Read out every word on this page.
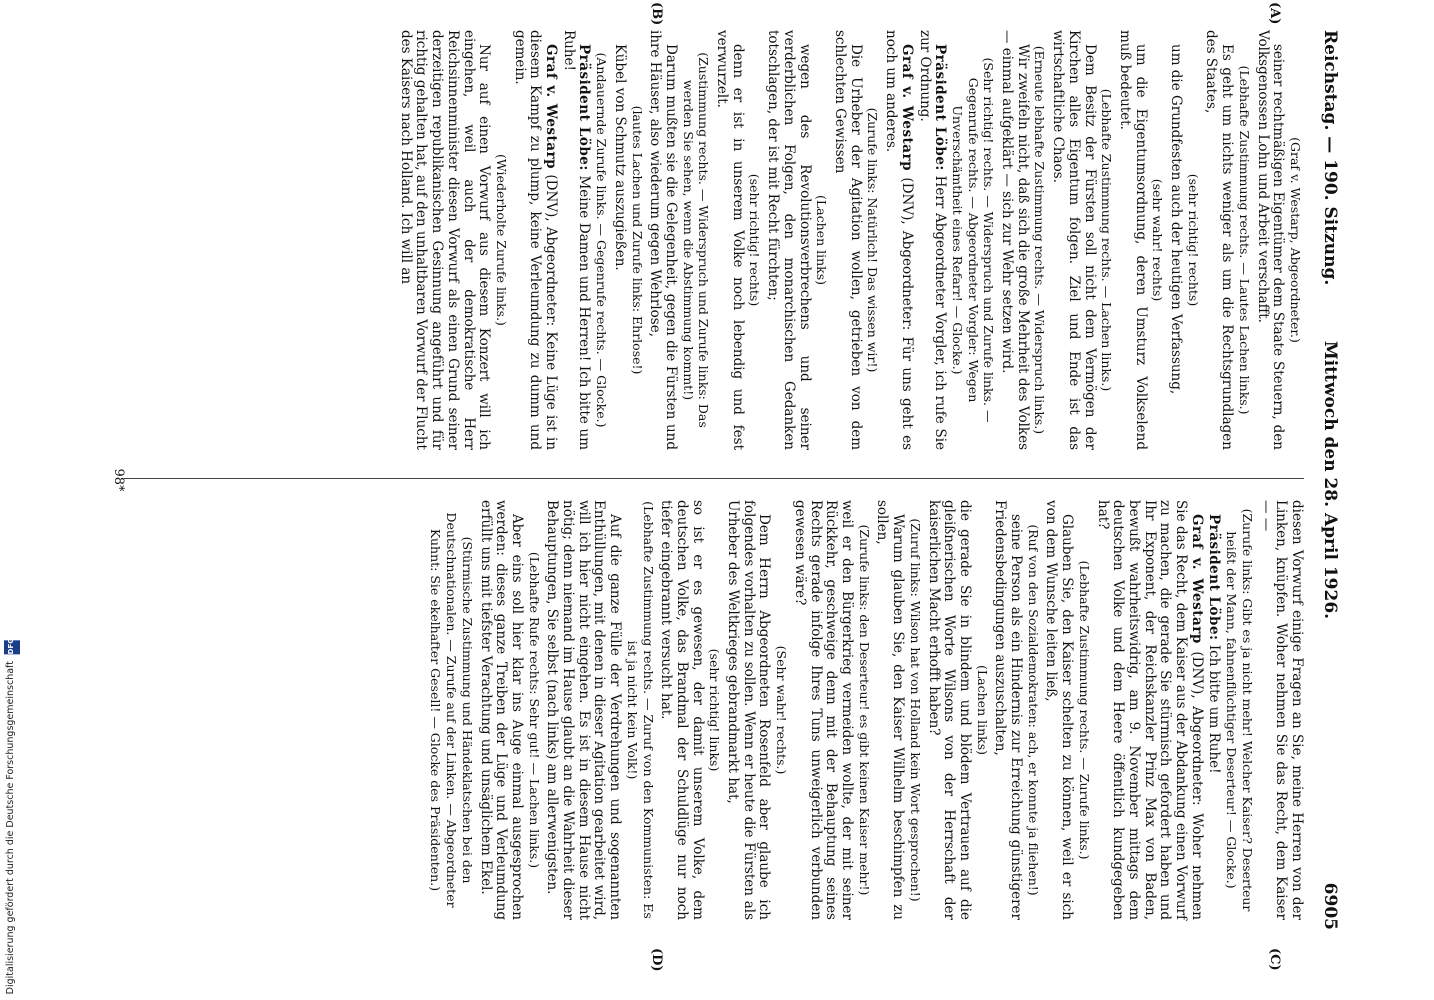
Reichstag. — 190. Sitzung.
Mittwoch den 28. April 1926.
6905
(Graf v. Westarp, Abgeordneter.)
seiner rechtmäßigen Eigentümer dem Staate Steuern, den Volksgenossen Lohn und Arbeit verschafft.
(Lebhafte Zustimmung rechts. — Lautes Lachen links.)
Es geht um nichts weniger als um die Rechtsgrundlagen des Staates,
(sehr richtig! rechts)
um die Grundfesten auch der heutigen Verfassung,
(sehr wahr! rechts)
um die Eigentumsordnung, deren Umsturz Volkselend muß bedeutet.
(Lebhafte Zustimmung rechts. — Lachen links.)
Dem Besitz der Fürsten soll nicht dem Vermögen der Kirchen alles Eigentum folgen. Ziel und Ende ist das wirtschaftliche Chaos.
(Erneute lebhafte Zustimmung rechts. — Widerspruch links.)
Wir zweifeln nicht, daß sich die große Mehrheit des Volkes — einmal aufgeklärt — sich zur Wehr setzen wird.
(Sehr richtig! rechts. — Widerspruch und Zurufe links. — Gegenrufe rechts. — Abgeordneter Vorgler: Wegen Unverschämtheit eines Refarr! — Glocke.)
Präsident Löbe: Herr Abgeordneter Vorgler, ich rufe Sie zur Ordnung.
Graf v. Westarp (DNV), Abgeordneter: Für uns geht es noch um anderes.
(Zurufe links: Natürlich! Das wissen wir!)
Die Urheber der Agitation wollen, getrieben von dem schlechten Gewissen
(Lachen links)
wegen des Revolutionsverbrechens und seiner verderblichen Folgen, den monarchischen Gedanken totschlagen, der ist mit Recht fürchten;
(sehr richtig! rechts)
denn er ist in unserem Volke noch lebendig und fest verwurzelt.
(Zustimmung rechts. — Widerspruch und Zurufe links: Das werden Sie sehen, wenn die Abstimmung kommt!)
Darum mußten sie die Gelegenheit, gegen die Fürsten und ihre Häuser, also wiederum gegen Wehrlose,
(lautes Lachen und Zurufe links: Ehrlose!)
Kübel von Schmutz auszugießen.
(Andauernde Zurufe links. — Gegenrufe rechts. — Glocke.)
Präsident Löbe: Meine Damen und Herren! Ich bitte um Ruhe!
Graf v. Westarp (DNV), Abgeordneter: Keine Lüge ist in diesem Kampf zu plump, keine Verleumdung zu dumm und gemein.
(Wiederholte Zurufe links.)
Nur auf einen Vorwurf aus diesem Konzert will ich eingehen, weil auch der demokratische Herr Reichsinnenminister diesen Vorwurf als einen Grund seiner derzeitigen republikanischen Gesinnung angeführt und für richtig gehalten hat, auf den unhaltbaren Vorwurf der Flucht des Kaisers nach Holland. Ich will an
diesen Vorwurf einige Fragen an Sie, meine Herren von der Linken, knüpfen. Woher nehmen Sie das Recht, dem Kaiser — —
(Zurufe links: Gibt es ja nicht mehr! Welcher Kaiser? Deserteur heißt der Mann, fahnenflüchtiger Deserteur! — Glocke.)
Präsident Löbe: Ich bitte um Ruhe!
Graf v. Westarp (DNV), Abgeordneter: Woher nehmen Sie das Recht, dem Kaiser aus der Abdankung einen Vorwurf zu machen, die gerade Sie stürmisch gefordert haben und Ihr Exponent, der Reichskanzler Prinz Max von Baden, bewußt wahrheitswidrig, am 9. November mittags dem deutschen Volke und dem Heere öffentlich kundgegeben hat?
(Lebhafte Zustimmung rechts. — Zurufe links.)
Glauben Sie, den Kaiser schelten zu können, weil er sich von dem Wunsche leiten ließ,
(Ruf von den Sozialdemokraten: ach, er konnte ja fliehen!)
seine Person als ein Hindernis zur Erreichung günstigerer Friedensbedingungen auszuschalten,
(Lachen links)
die gerade Sie in blindem und blödem Vertrauen auf die gleißnerischen Worte Wilsons von der Herrschaft der kaiserlichen Macht erhofft haben?
(Zuruf links: Wilson hat von Holland kein Wort gesprochen!)
Warum glauben Sie, den Kaiser Wilhelm beschimpfen zu sollen,
(Zurufe links: den Deserteur! es gibt keinen Kaiser mehr!)
weil er den Bürgerkrieg vermeiden wollte, der mit seiner Rückkehr, geschweige denn mit der Behauptung seines Rechts gerade infolge Ihres Tuns unweigerlich verbunden gewesen wäre?
(Sehr wahr! rechts.)
Dem Herrn Abgeordneten Rosenfeld aber glaube ich folgendes vorhalten zu sollen. Wenn er heute die Fürsten als Urheber des Weltkrieges gebrandmarkt hat,
(sehr richtig! links)
so ist er es gewesen, der damit unserem Volke, dem deutschen Volke, das Brandmal der Schuldlüge nur noch tiefer eingebrannt versucht hat.
(Lebhafte Zustimmung rechts. — Zuruf von den Kommunisten: Es ist ja nicht kein Volk!)
Auf die ganze Fülle der Verdrehungen und sogenannten Enthüllungen, mit denen in dieser Agitation gearbeitet wird, will ich hier nicht eingehen. Es ist in diesem Hause nicht nötig; denn niemand im Hause glaubt an die Wahrheit dieser Behauptungen, Sie selbst (nach links) am allerwenigsten.
(Lebhafte Rufe rechts: Sehr gut! — Lachen links.)
Aber eins soll hier klar ins Auge einmal ausgesprochen werden: dieses ganze Treiben der Lüge und Verleumdung erfüllt uns mit tiefster Verachtung und unsäglichem Ekel.
(Stürmische Zustimmung und Händeklatschen bei den Deutschnationalen. — Zurufe auf der Linken. — Abgeordneter Kuhnt: Sie ekelhafter Gesell! — Glocke des Präsidenten.)
(A)
(B)
(C)
(D)
98*
Digitalisierung gefördert durch die Deutsche Forschungsgemeinschaft DFG
